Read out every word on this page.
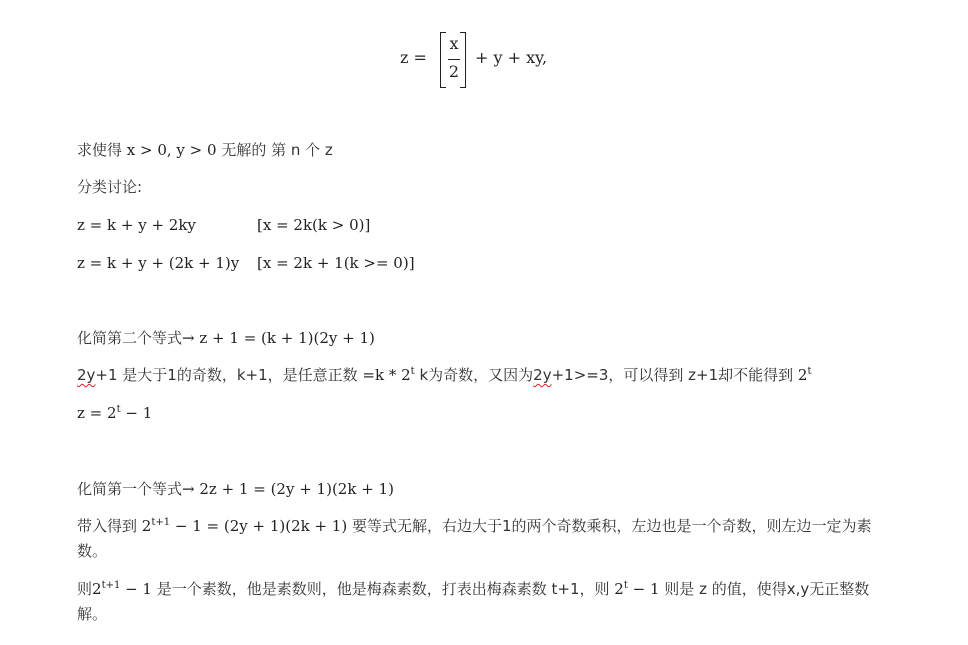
z =
x
2
+ y + xy,
求使得 x > 0, y > 0 无解的 第 n 个 z
分类讨论:
z = k + y + 2ky	[x = 2k(k > 0)]
z = k + y + (2k + 1)y [x = 2k + 1(k >= 0)]
化简第二个等式→ z + 1 = (k + 1)(2y + 1)
2y+1 是大于1的奇数，k+1，是任意正数 =k * 2$^t$ k为奇数，又因为2y+1>=3，可以得到 z+1却不能得到 2$^t$
$z = 2^t - 1$
化简第一个等式→ 2z + 1 = (2y + 1)(2k + 1)
带入得到 $2^{t+1} - 1 = (2y + 1)(2k + 1)$ 要等式无解，右边大于1的两个奇数乘积，左边也是一个奇数，则左边一定为素数。
则$2^{t+1} - 1$ 是一个素数，他是素数则，他是梅森素数，打表出梅森素数 t+1，则 $2^t - 1$ 则是 z 的值，使得x,y无正整数解。
